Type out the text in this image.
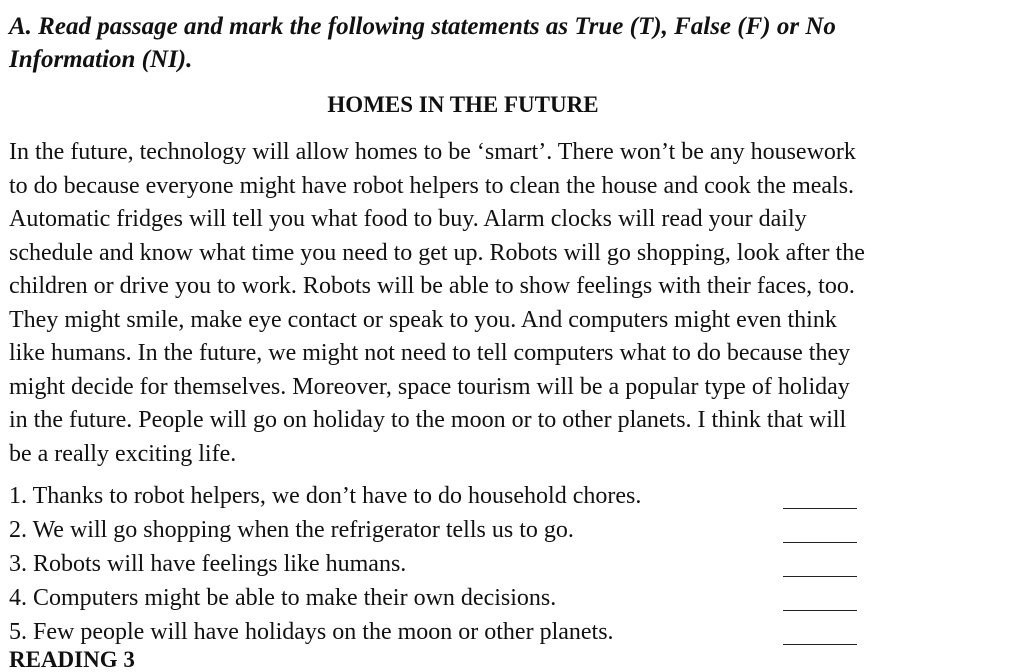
A. Read passage and mark the following statements as True (T), False (F) or No
Information (NI).
HOMES IN THE FUTURE
In the future, technology will allow homes to be ‘smart’. There won’t be any housework
to do because everyone might have robot helpers to clean the house and cook the meals.
Automatic fridges will tell you what food to buy. Alarm clocks will read your daily
schedule and know what time you need to get up. Robots will go shopping, look after the
children or drive you to work. Robots will be able to show feelings with their faces, too.
They might smile, make eye contact or speak to you. And computers might even think
like humans. In the future, we might not need to tell computers what to do because they
might decide for themselves. Moreover, space tourism will be a popular type of holiday
in the future. People will go on holiday to the moon or to other planets. I think that will
be a really exciting life.
1. Thanks to robot helpers, we don’t have to do household chores.
2. We will go shopping when the refrigerator tells us to go.
3. Robots will have feelings like humans.
4. Computers might be able to make their own decisions.
5. Few people will have holidays on the moon or other planets.
READING 3
